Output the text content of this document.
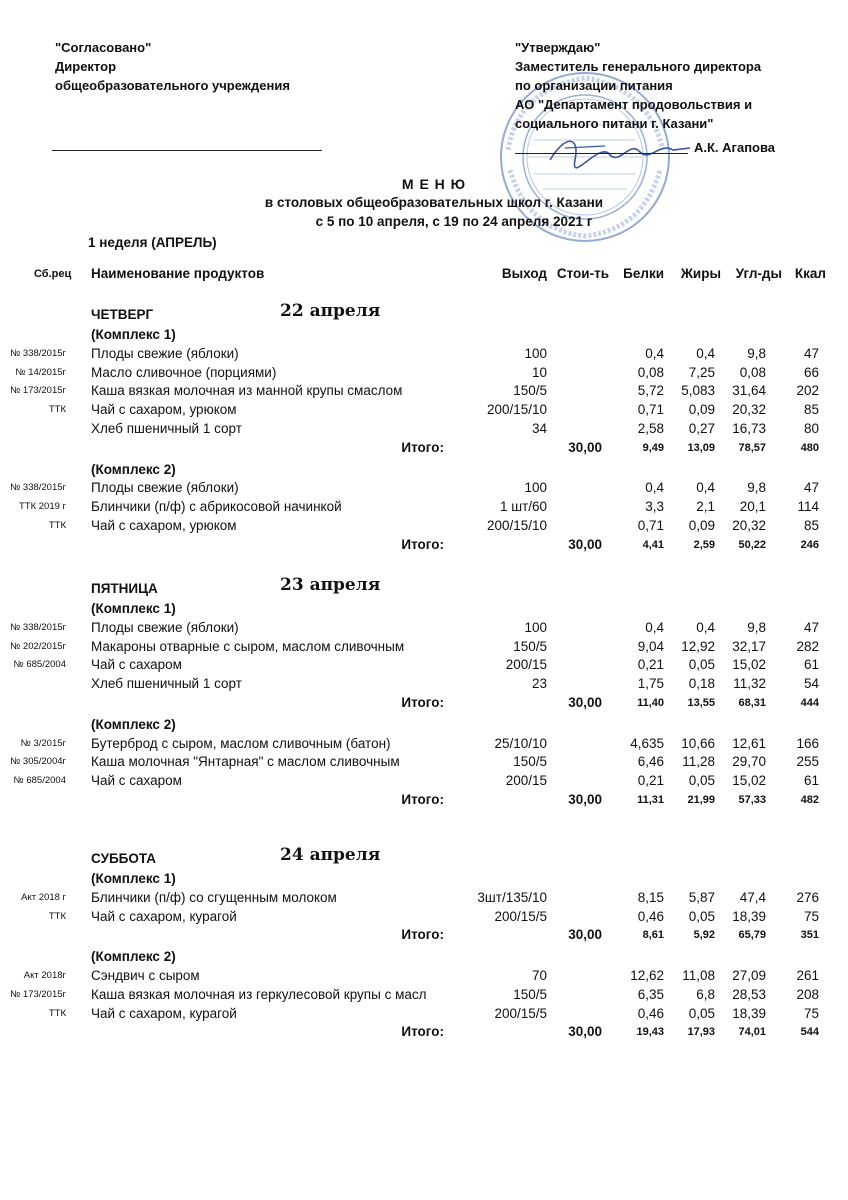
"Согласовано"
Директор
общеобразовательного учреждения
"Утверждаю"
Заместитель генерального директора
по организации питания
АО "Департамент продовольствия и
социального питани г. Казани"
А.К. Агапова
М Е Н Ю
в столовых общеобразовательных школ г. Казани
с 5 по 10 апреля, с 19 по 24 апреля 2021 г
1 неделя (АПРЕЛЬ)
Сб.рец Наименование продуктов	Выход Стои-ть Белки Жиры Угл-ды Ккал
ЧЕТВЕРГ	22 апреля
(Комплекс 1)
№ 338/2015г Плоды свежие (яблоки)	100	0,4 0,4 9,8	47
№ 14/2015г Масло сливочное (порциями)	10	0,08 7,25 0,08	66
№ 173/2015г Каша вязкая молочная из манной крупы смаслом	150/5	5,72 5,083 31,64 202
ТТК Чай с сахаром, урюком	200/15/10	0,71 0,09 20,32	85
Хлеб пшеничный 1 сорт	34	2,58 0,27 16,73	80
Итого:	30,00	9,49 13,09 78,57	480
(Комплекс 2)
№ 338/2015г Плоды свежие (яблоки)	100	0,4 0,4 9,8	47
ТТК 2019 г Блинчики (п/ф) с абрикосовой начинкой	1 шт/60	3,3 2,1 20,1 114
ТТК Чай с сахаром, урюком	200/15/10	0,71 0,09 20,32	85
Итого:	30,00	4,41	2,59 50,22	246
ПЯТНИЦА	23 апреля
(Комплекс 1)
№ 338/2015г Плоды свежие (яблоки)	100	0,4 0,4 9,8	47
№ 202/2015г Макароны отварные с сыром, маслом сливочным	150/5	9,04 12,92 32,17 282
№ 685/2004 Чай с сахаром	200/15	0,21 0,05 15,02	61
Хлеб пшеничный 1 сорт	23	1,75 0,18 11,32	54
Итого:	30,00	11,40 13,55 68,31	444
(Комплекс 2)
№ 3/2015г Бутерброд с сыром, маслом сливочным (батон)	25/10/10	4,635 10,66 12,61 166
№ 305/2004г Каша молочная "Янтарная" с маслом сливочным	150/5	6,46 11,28 29,70 255
№ 685/2004 Чай с сахаром	200/15	0,21 0,05 15,02	61
Итого:	30,00	11,31 21,99 57,33	482
СУББОТА	24 апреля
(Комплекс 1)
Акт 2018 г Блинчики (п/ф) со сгущенным молоком	3шт/135/10	8,15 5,87 47,4 276
ТТК Чай с сахаром, курагой	200/15/5	0,46 0,05 18,39	75
Итого:	30,00	8,61	5,92 65,79	351
(Комплекс 2)
Акт 2018г Сэндвич с сыром	70	12,62 11,08 27,09 261
№ 173/2015г Каша вязкая молочная из геркулесовой крупы с масл	150/5	6,35 6,8 28,53 208
ТТК Чай с сахаром, курагой	200/15/5	0,46 0,05 18,39	75
Итого:	30,00	19,43 17,93 74,01	544
